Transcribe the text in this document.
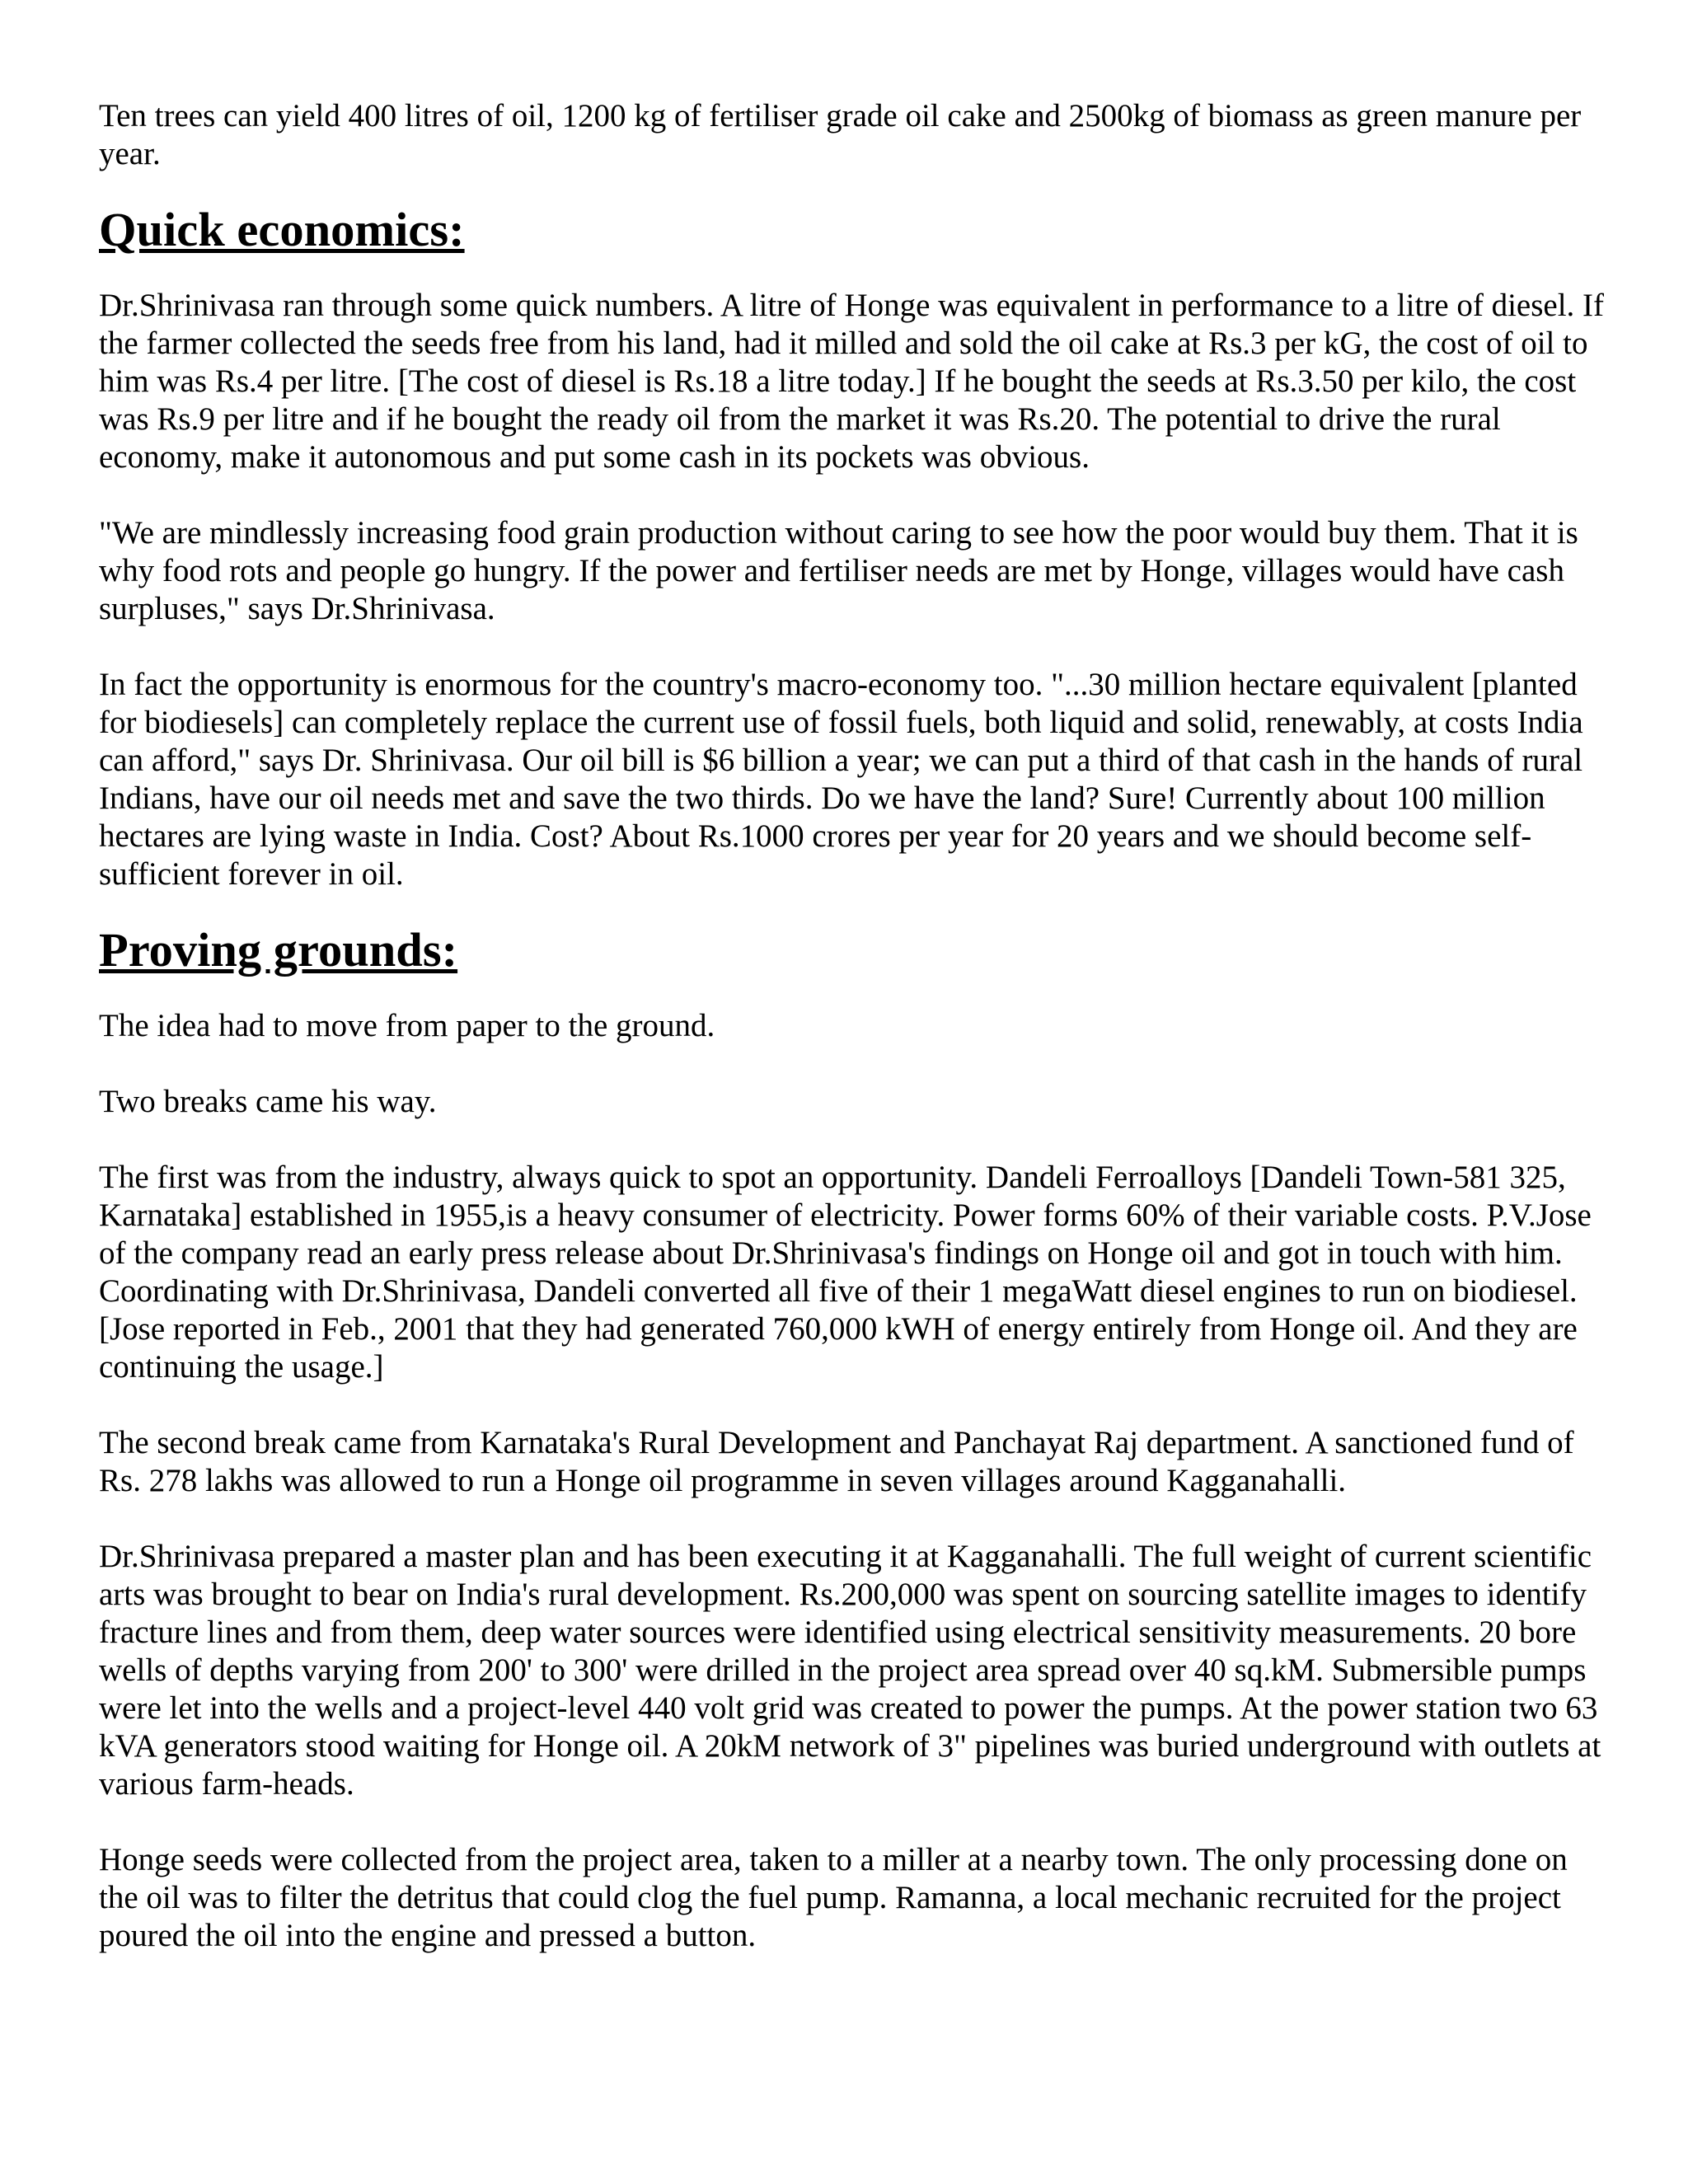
Ten trees can yield 400 litres of oil, 1200 kg of fertiliser grade oil cake and 2500kg of biomass as green manure per year.

Quick economics:

Dr.Shrinivasa ran through some quick numbers. A litre of Honge was equivalent in performance to a litre of diesel. If the farmer collected the seeds free from his land, had it milled and sold the oil cake at Rs.3 per kG, the cost of oil to him was Rs.4 per litre. [The cost of diesel is Rs.18 a litre today.] If he bought the seeds at Rs.3.50 per kilo, the cost was Rs.9 per litre and if he bought the ready oil from the market it was Rs.20. The potential to drive the rural economy, make it autonomous and put some cash in its pockets was obvious.

"We are mindlessly increasing food grain production without caring to see how the poor would buy them. That it is why food rots and people go hungry. If the power and fertiliser needs are met by Honge, villages would have cash surpluses," says Dr.Shrinivasa.

In fact the opportunity is enormous for the country's macro-economy too. "...30 million hectare equivalent [planted for biodiesels] can completely replace the current use of fossil fuels, both liquid and solid, renewably, at costs India can afford," says Dr. Shrinivasa. Our oil bill is $6 billion a year; we can put a third of that cash in the hands of rural Indians, have our oil needs met and save the two thirds. Do we have the land? Sure! Currently about 100 million hectares are lying waste in India. Cost? About Rs.1000 crores per year for 20 years and we should become self-sufficient forever in oil.

Proving grounds:

The idea had to move from paper to the ground.

Two breaks came his way.

The first was from the industry, always quick to spot an opportunity. Dandeli Ferroalloys [Dandeli Town-581 325, Karnataka] established in 1955,is a heavy consumer of electricity. Power forms 60% of their variable costs. P.V.Jose of the company read an early press release about Dr.Shrinivasa's findings on Honge oil and got in touch with him. Coordinating with Dr.Shrinivasa, Dandeli converted all five of their 1 megaWatt diesel engines to run on biodiesel. [Jose reported in Feb., 2001 that they had generated 760,000 kWH of energy entirely from Honge oil. And they are continuing the usage.]

The second break came from Karnataka's Rural Development and Panchayat Raj department. A sanctioned fund of Rs. 278 lakhs was allowed to run a Honge oil programme in seven villages around Kagganahalli.

Dr.Shrinivasa prepared a master plan and has been executing it at Kagganahalli. The full weight of current scientific arts was brought to bear on India's rural development. Rs.200,000 was spent on sourcing satellite images to identify fracture lines and from them, deep water sources were identified using electrical sensitivity measurements. 20 bore wells of depths varying from 200' to 300' were drilled in the project area spread over 40 sq.kM. Submersible pumps were let into the wells and a project-level 440 volt grid was created to power the pumps. At the power station two 63 kVA generators stood waiting for Honge oil. A 20kM network of 3" pipelines was buried underground with outlets at various farm-heads.

Honge seeds were collected from the project area, taken to a miller at a nearby town. The only processing done on the oil was to filter the detritus that could clog the fuel pump. Ramanna, a local mechanic recruited for the project poured the oil into the engine and pressed a button.
